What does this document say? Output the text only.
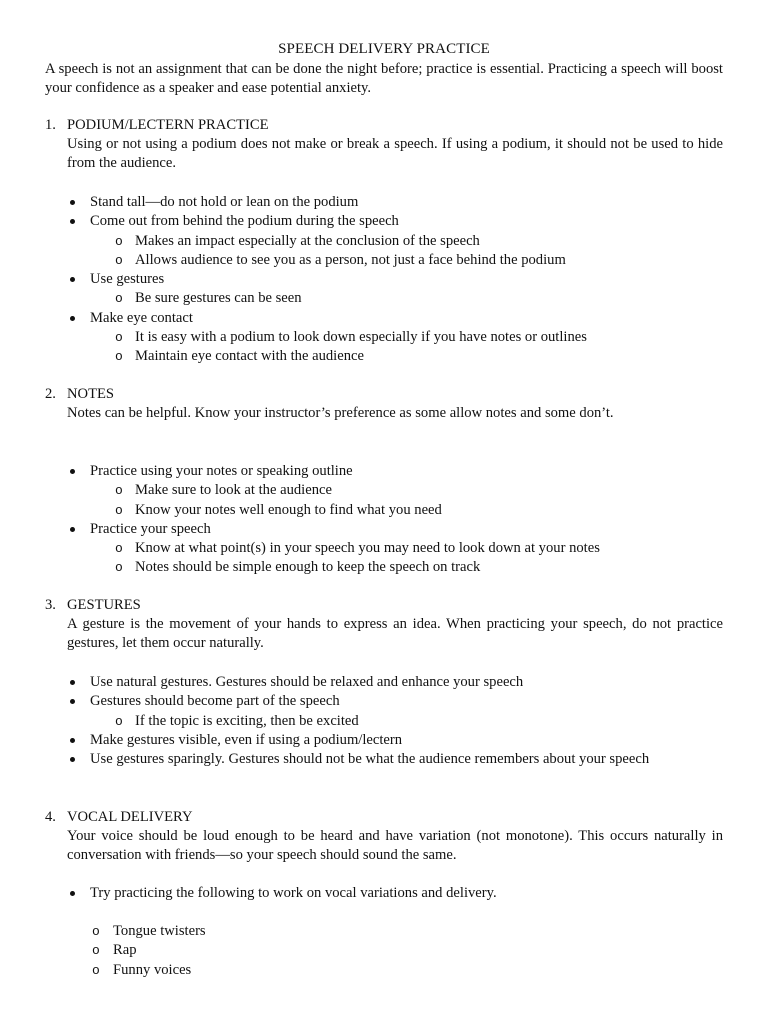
SPEECH DELIVERY PRACTICE

A speech is not an assignment that can be done the night before; practice is essential. Practicing a speech will boost your confidence as a speaker and ease potential anxiety.

1. PODIUM/LECTERN PRACTICE

Using or not using a podium does not make or break a speech. If using a podium, it should not be used to hide from the audience.

Stand tall—do not hold or lean on the podium
Come out from behind the podium during the speech
o Makes an impact especially at the conclusion of the speech
o Allows audience to see you as a person, not just a face behind the podium
Use gestures
o Be sure gestures can be seen
Make eye contact
o It is easy with a podium to look down especially if you have notes or outlines
o Maintain eye contact with the audience
2. NOTES

Notes can be helpful. Know your instructor’s preference as some allow notes and some don’t.

Practice using your notes or speaking outline
o Make sure to look at the audience
o Know your notes well enough to find what you need
Practice your speech
o Know at what point(s) in your speech you may need to look down at your notes
o Notes should be simple enough to keep the speech on track
3. GESTURES

A gesture is the movement of your hands to express an idea. When practicing your speech, do not practice gestures, let them occur naturally.

Use natural gestures. Gestures should be relaxed and enhance your speech
Gestures should become part of the speech
o If the topic is exciting, then be excited
Make gestures visible, even if using a podium/lectern
Use gestures sparingly. Gestures should not be what the audience remembers about your speech
4. VOCAL DELIVERY

Your voice should be loud enough to be heard and have variation (not monotone). This occurs naturally in conversation with friends—so your speech should sound the same.

Try practicing the following to work on vocal variations and delivery.
o Tongue twisters
o Rap
o Funny voices
